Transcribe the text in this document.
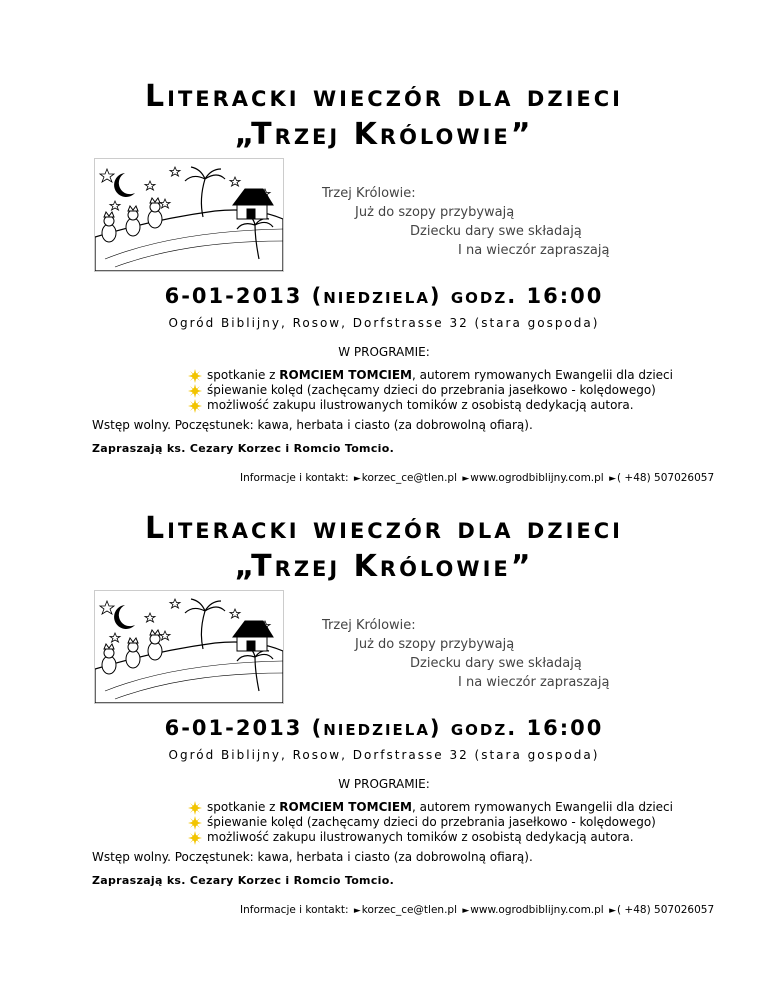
Literacki wieczór dla dzieci
„Trzej Królowie”
Trzej Królowie:
Już do szopy przybywają
Dziecku dary swe składają
I na wieczór zapraszają
6-01-2013 (niedziela) godz. 16:00
Ogród Biblijny, Rosow, Dorfstrasse 32 (stara gospoda)
W PROGRAMIE:
spotkanie z ROMCIEM TOMCIEM, autorem rymowanych Ewangelii dla dzieci
śpiewanie kolęd (zachęcamy dzieci do przebrania jasełkowo - kolędowego)
możliwość zakupu ilustrowanych tomików z osobistą dedykacją autora.
Wstęp wolny. Poczęstunek: kawa, herbata i ciasto (za dobrowolną ofiarą).
Zapraszają ks. Cezary Korzec i Romcio Tomcio.
Informacje i kontakt: ►korzec_ce@tlen.pl ►www.ogrodbiblijny.com.pl ►( +48) 507026057
Literacki wieczór dla dzieci
„Trzej Królowie”
Trzej Królowie:
Już do szopy przybywają
Dziecku dary swe składają
I na wieczór zapraszają
6-01-2013 (niedziela) godz. 16:00
Ogród Biblijny, Rosow, Dorfstrasse 32 (stara gospoda)
W PROGRAMIE:
spotkanie z ROMCIEM TOMCIEM, autorem rymowanych Ewangelii dla dzieci
śpiewanie kolęd (zachęcamy dzieci do przebrania jasełkowo - kolędowego)
możliwość zakupu ilustrowanych tomików z osobistą dedykacją autora.
Wstęp wolny. Poczęstunek: kawa, herbata i ciasto (za dobrowolną ofiarą).
Zapraszają ks. Cezary Korzec i Romcio Tomcio.
Informacje i kontakt: ►korzec_ce@tlen.pl ►www.ogrodbiblijny.com.pl ►( +48) 507026057
